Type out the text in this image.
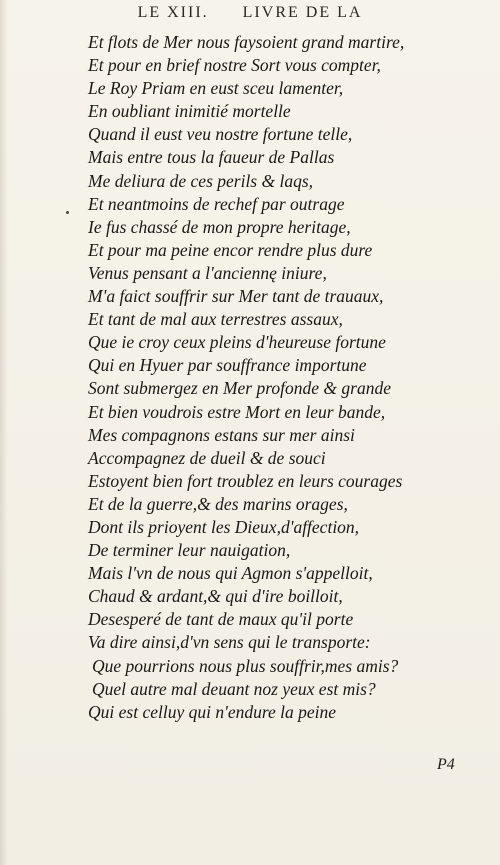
LE XIII. LIVRE DE LA
Et flots de Mer nous faysoient grand martire,
Et pour en brief nostre Sort vous compter,
Le Roy Priam en eust sceu lamenter,
En oubliant inimitié mortelle
Quand il eust veu nostre fortune telle,
Mais entre tous la faueur de Pallas
Me deliura de ces perils & laqs,
Et neantmoins de rechef par outrage
Ie fus chassé de mon propre heritage,
Et pour ma peine encor rendre plus dure
Venus pensant a l'anciennę iniure,
M'a faict souffrir sur Mer tant de trauaux,
Et tant de mal aux terrestres assaux,
Que ie croy ceux pleins d'heureuse fortune
Qui en Hyuer par souffrance importune
Sont submergez en Mer profonde & grande
Et bien voudrois estre Mort en leur bande,
Mes compagnons estans sur mer ainsi
Accompagnez de dueil & de souci
Estoyent bien fort troublez en leurs courages
Et de la guerre,& des marins orages,
Dont ils prioyent les Dieux,d'affection,
De terminer leur nauigation,
Mais l'vn de nous qui Agmon s'appelloit,
Chaud & ardant,& qui d'ire boilloit,
Desesperé de tant de maux qu'il porte
Va dire ainsi,d'vn sens qui le transporte:
Que pourrions nous plus souffrir,mes amis?
Quel autre mal deuant noz yeux est mis?
Qui est celluy qui n'endure la peine
P4
